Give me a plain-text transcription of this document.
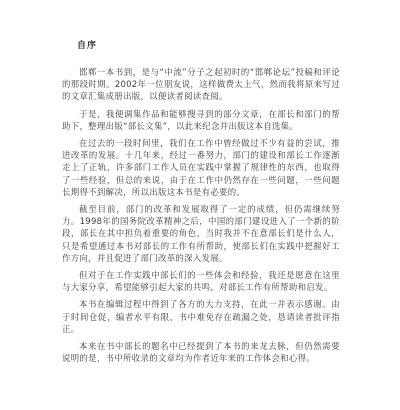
自序

邯郸一本书到，是与“中流”分子之起初时的“邯郸论坛”投稿和评论的那段时期。2002年一位朋友说，这样做费太上气，然而我将原来写过的文章汇集成册出版，以便读者阅读查阅。

于是，我便调集作品和能够搜寻到的部分文章，在部长和部门的帮助下，整理出版“部长文集”，以此来纪念并出版这本自选集。

在过去的一段时间里，我们在工作中曾经做过不少有益的尝试，推进改革的发展。十几年来，经过一番努力，部门的建设和部长工作逐渐走上了正轨，许多部门工作人员在实践中掌握了规律性的东西，也取得了一些经验，但总的来说，由于在工作中仍然存在一些问题，一些问题长期得不到解决，所以出版这本书是有必要的。

截至目前，部门的改革和发展取得了一定的成绩，但仍需继续努力。1998年的国务院改革精神之后，中国的部门建设进入了一个新的阶段，部长在其中担负着重要的角色，当时我并不在意部长们是什么人，只是希望通过本书对部长的工作有所帮助，使部长们在实践中把握好工作方向，并且促进了部门改革的深入发展。

但对于在工作实践中部长们的一些体会和经验，我还是愿意在这里与大家分享，希望能够引起大家的共鸣，对部长工作有所帮助和启发。

本书在编辑过程中得到了各方的大力支持，在此一并表示感谢。由于时间仓促，编者水平有限，书中难免存在疏漏之处，恳请读者批评指正。

本来在书中部长的题名中已经提到了本书的来龙去脉，但仍然需要说明的是，书中所收录的文章均为作者近年来的工作体会和心得。
